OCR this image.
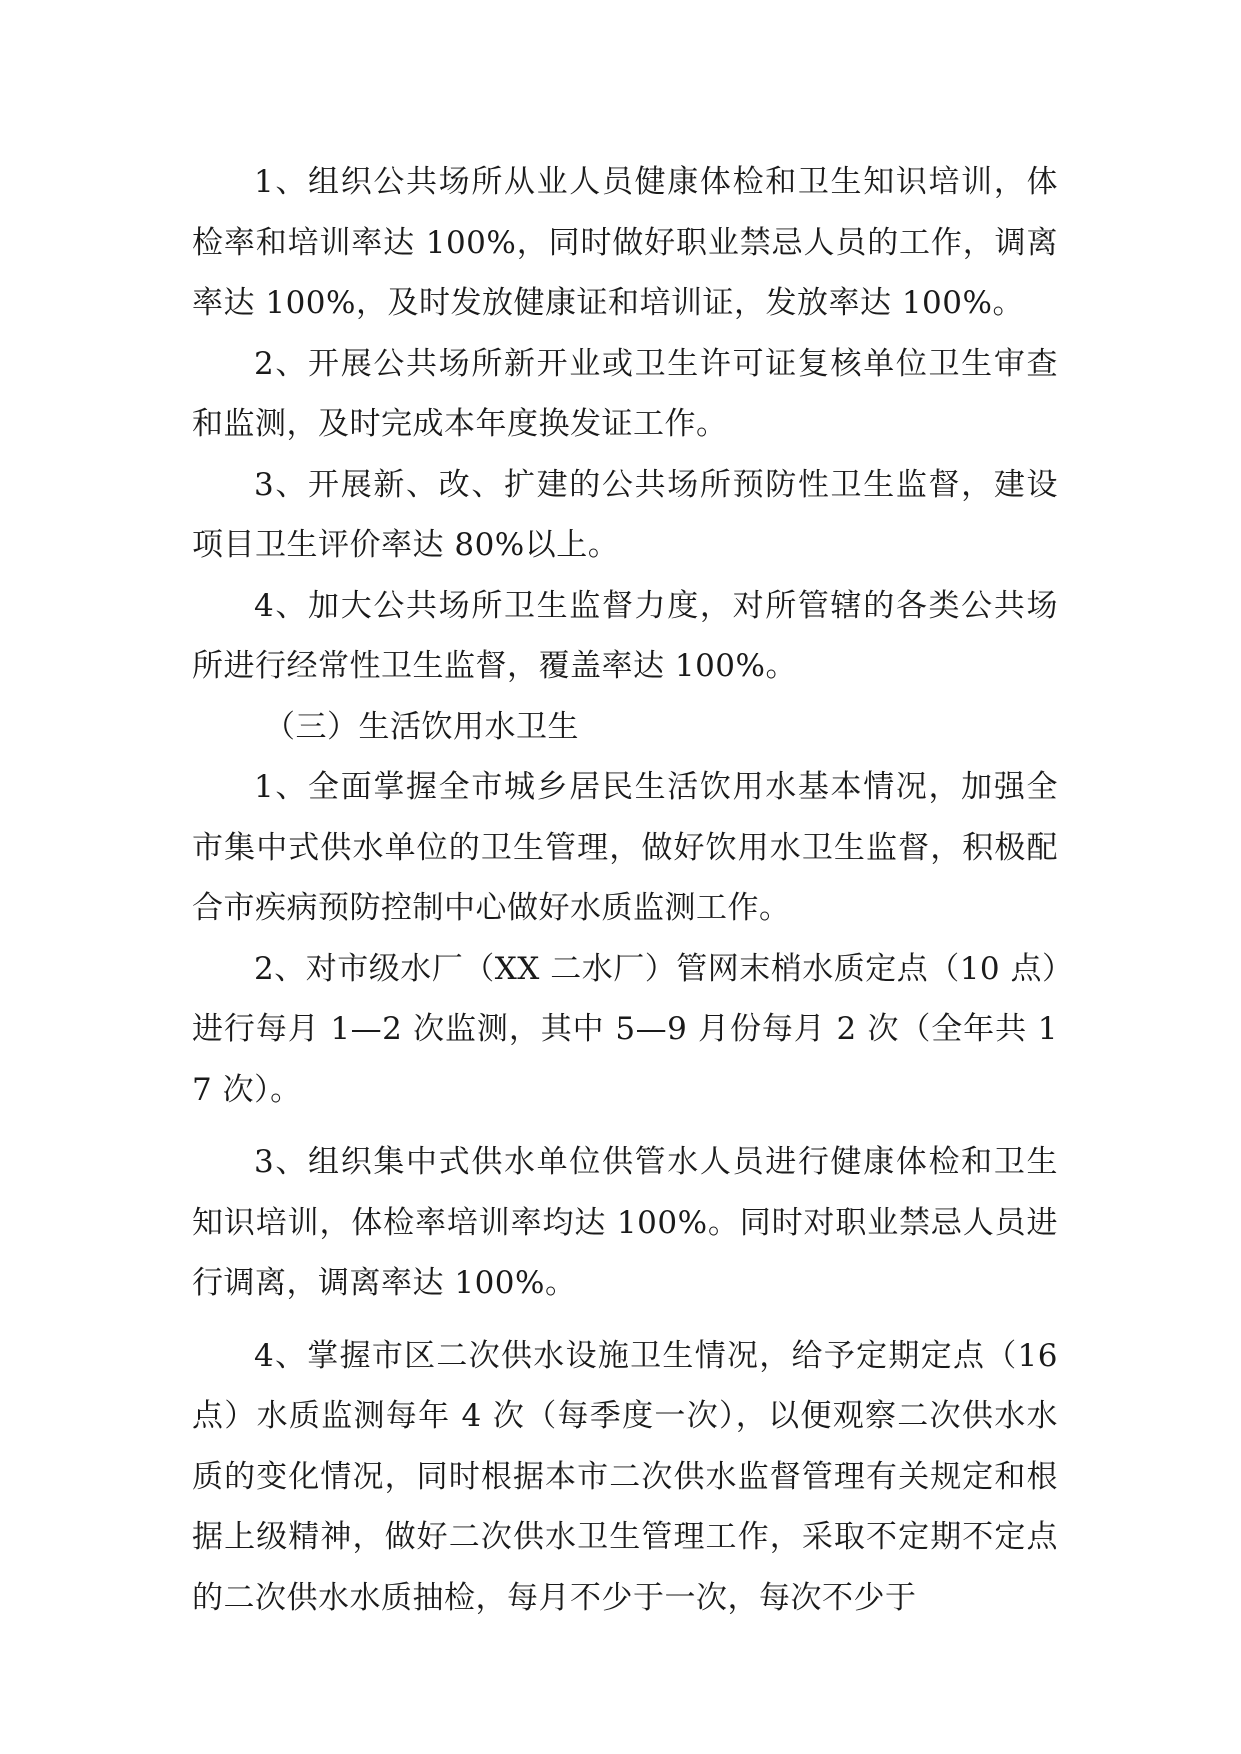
1、组织公共场所从业人员健康体检和卫生知识培训，体检率和培训率达 100%，同时做好职业禁忌人员的工作，调离率达 100%，及时发放健康证和培训证，发放率达 100%。

2、开展公共场所新开业或卫生许可证复核单位卫生审查和监测，及时完成本年度换发证工作。

3、开展新、改、扩建的公共场所预防性卫生监督，建设项目卫生评价率达 80%以上。

4、加大公共场所卫生监督力度，对所管辖的各类公共场所进行经常性卫生监督，覆盖率达 100%。

（三）生活饮用水卫生

1、全面掌握全市城乡居民生活饮用水基本情况，加强全市集中式供水单位的卫生管理，做好饮用水卫生监督，积极配合市疾病预防控制中心做好水质监测工作。

2、对市级水厂（XX 二水厂）管网末梢水质定点（10 点）进行每月 1—2 次监测，其中 5—9 月份每月 2 次（全年共 17 次）。

3、组织集中式供水单位供管水人员进行健康体检和卫生知识培训，体检率培训率均达 100%。同时对职业禁忌人员进行调离，调离率达 100%。

4、掌握市区二次供水设施卫生情况，给予定期定点（16 点）水质监测每年 4 次（每季度一次），以便观察二次供水水质的变化情况，同时根据本市二次供水监督管理有关规定和根据上级精神，做好二次供水卫生管理工作，采取不定期不定点的二次供水水质抽检，每月不少于一次，每次不少于
